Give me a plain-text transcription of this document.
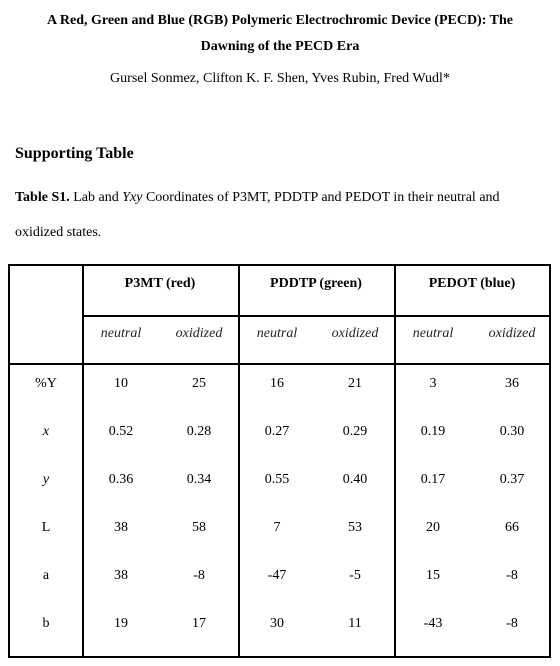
A Red, Green and Blue (RGB) Polymeric Electrochromic Device (PECD): The
Dawning of the PECD Era
Gursel Sonmez, Clifton K. F. Shen, Yves Rubin, Fred Wudl*
Supporting Table
Table S1. Lab and Yxy Coordinates of P3MT, PDDTP and PEDOT in their neutral and
oxidized states.
P3MT (red)	PDDTP (green)	PEDOT (blue)
neutral	oxidized	neutral	oxidized	neutral	oxidized
%Y	10	25	16	21	3	36
x	0.52	0.28	0.27	0.29	0.19	0.30
y	0.36	0.34	0.55	0.40	0.17	0.37
L	38	58	7	53	20	66
a	38	-8	-47	-5	15	-8
b	19	17	30	11	-43	-8
